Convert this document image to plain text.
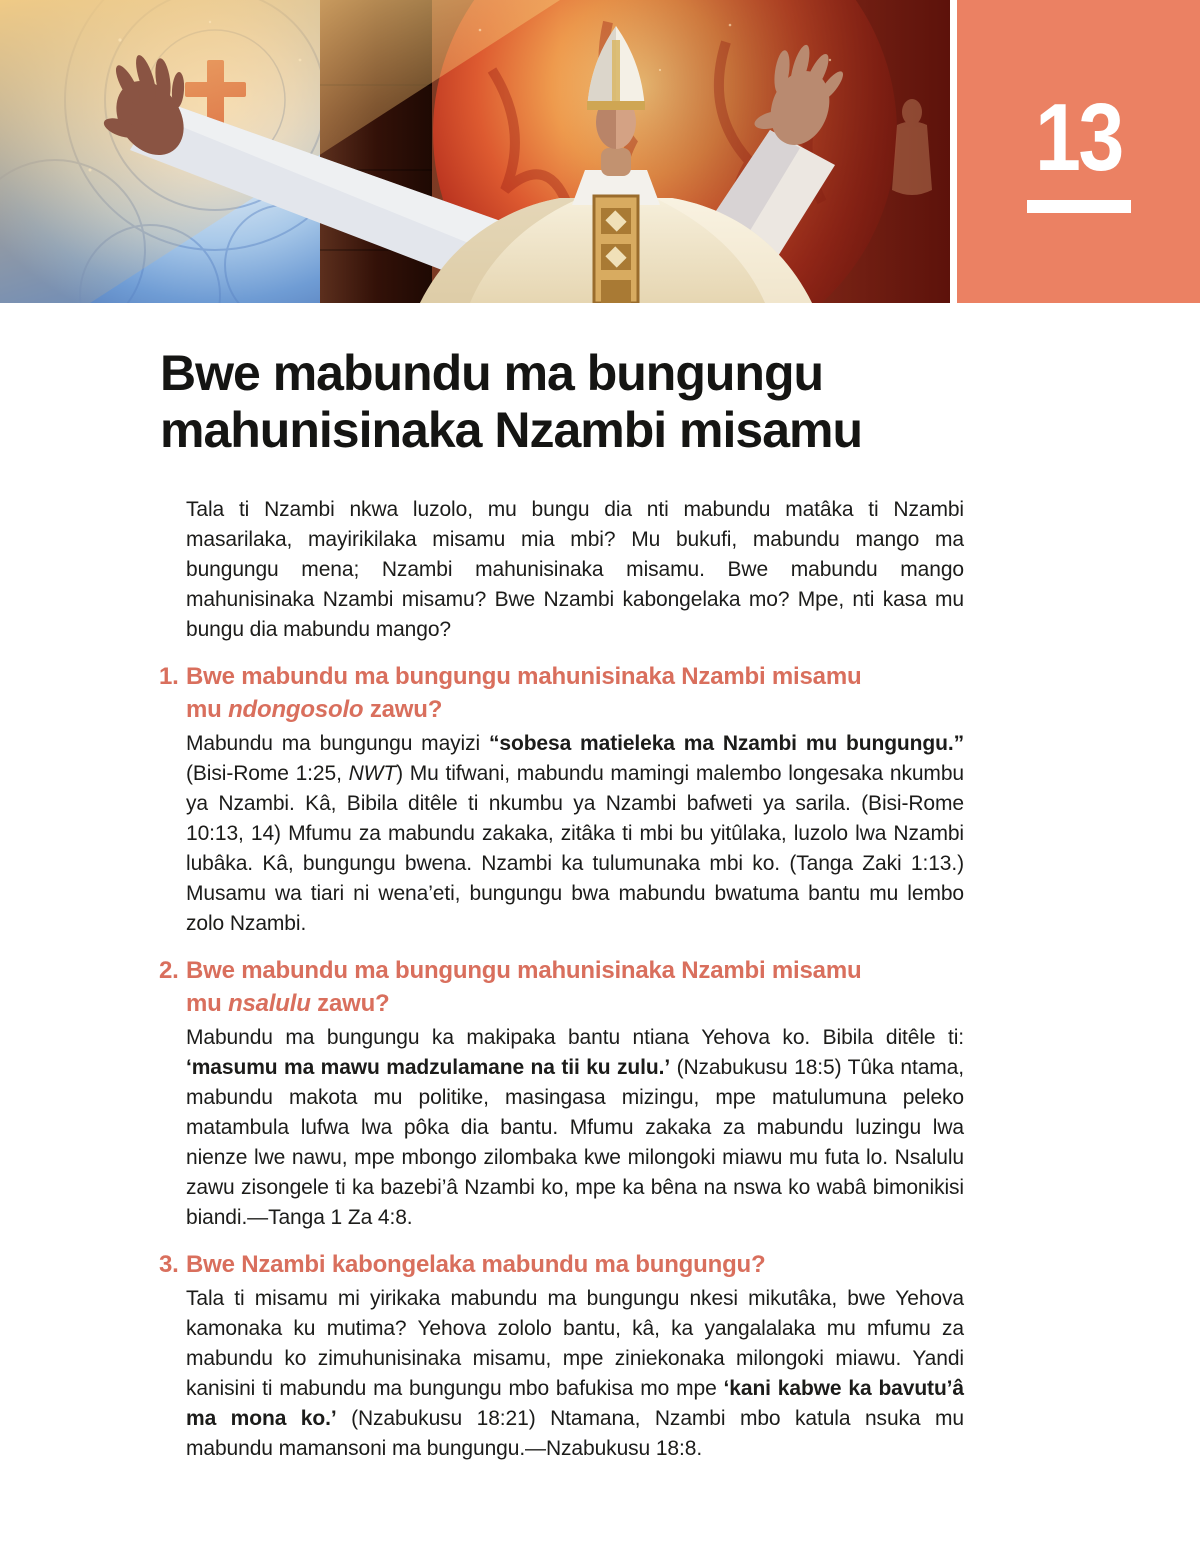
13
Bwe mabundu ma bungungu
mahunisinaka Nzambi misamu

Tala ti Nzambi nkwa luzolo, mu bungu dia nti mabundu matâka ti Nzambi masarilaka, mayirikilaka misamu mia mbi? Mu bukufi, mabundu mango ma bungungu mena; Nzambi mahunisinaka misamu. Bwe mabundu mango mahunisinaka Nzambi misamu? Bwe Nzambi kabongelaka mo? Mpe, nti kasa mu bungu dia mabundu mango?

1. Bwe mabundu ma bungungu mahunisinaka Nzambi misamu
mu ndongosolo zawu?

Mabundu ma bungungu mayizi “sobesa matieleka ma Nzambi mu bungungu.” (Bisi-Rome 1:25, NWT) Mu tifwani, mabundu mamingi malembo longesaka nkumbu ya Nzambi. Kâ, Bibila ditêle ti nkumbu ya Nzambi bafweti ya sarila. (Bisi-Rome 10:13, 14) Mfumu za mabundu zakaka, zitâka ti mbi bu yitûlaka, luzolo lwa Nzambi lubâka. Kâ, bungungu bwena. Nzambi ka tulumunaka mbi ko. (Tanga Zaki 1:13.) Musamu wa tiari ni wena’eti, bungungu bwa mabundu bwatuma bantu mu lembo zolo Nzambi.

2. Bwe mabundu ma bungungu mahunisinaka Nzambi misamu
mu nsalulu zawu?

Mabundu ma bungungu ka makipaka bantu ntiana Yehova ko. Bibila ditêle ti: ‘masumu ma mawu madzulamane na tii ku zulu.’ (Nzabukusu 18:5) Tûka ntama, mabundu makota mu politike, masingasa mizingu, mpe matulumuna peleko matambula lufwa lwa pôka dia bantu. Mfumu zakaka za mabundu luzingu lwa nienze lwe nawu, mpe mbongo zilombaka kwe milongoki miawu mu futa lo. Nsalulu zawu zisongele ti ka bazebi’â Nzambi ko, mpe ka bêna na nswa ko wabâ bimonikisi biandi.—Tanga 1 Za 4:8.

3. Bwe Nzambi kabongelaka mabundu ma bungungu?

Tala ti misamu mi yirikaka mabundu ma bungungu nkesi mikutâka, bwe Yehova kamonaka ku mutima? Yehova zololo bantu, kâ, ka yangalalaka mu mfumu za mabundu ko zimuhunisinaka misamu, mpe ziniekonaka milongoki miawu. Yandi kanisini ti mabundu ma bungungu mbo bafukisa mo mpe ‘kani kabwe ka bavutu’â ma mona ko.’ (Nzabukusu 18:21) Ntamana, Nzambi mbo katula nsuka mu mabundu mamansoni ma bungungu.—Nzabukusu 18:8.
